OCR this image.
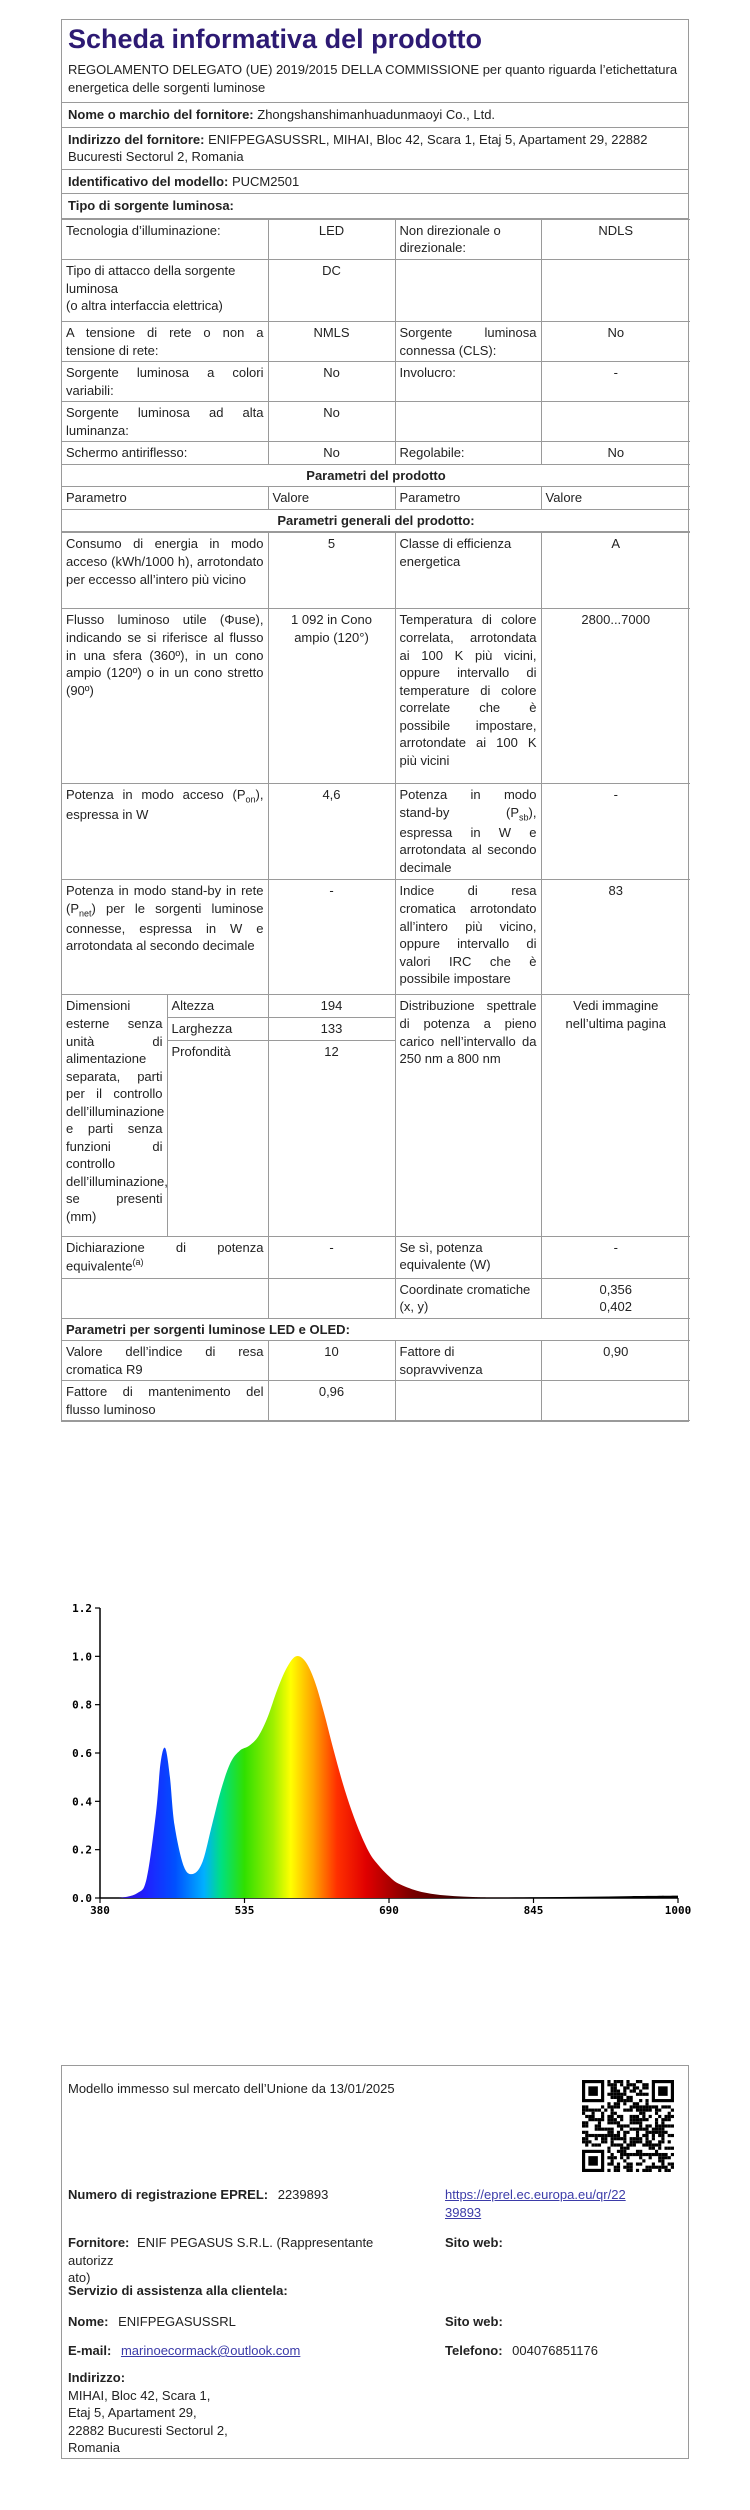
Scheda informativa del prodotto
REGOLAMENTO DELEGATO (UE) 2019/2015 DELLA COMMISSIONE per quanto riguarda l’etichettatura energetica delle sorgenti luminose
Nome o marchio del fornitore: Zhongshanshimanhuadunmaoyi Co., Ltd.
Indirizzo del fornitore: ENIFPEGASUSSRL, MIHAI, Bloc 42, Scara 1, Etaj 5, Apartament 29, 22882 Bucuresti Sectorul 2, Romania
Identificativo del modello: PUCM2501
Tipo di sorgente luminosa:
Tecnologia d’illuminazione:	LED	Non direzionale o direzionale:	NDLS
Tipo di attacco della sorgente luminosa
(o altra interfaccia elettrica)	DC		
A tensione di rete o non a tensione di rete:	NMLS	Sorgente luminosa connessa (CLS):	No
Sorgente luminosa a colori variabili:	No	Involucro:	-
Sorgente luminosa ad alta luminanza:	No		
Schermo antiriflesso:	No	Regolabile:	No
Parametri del prodotto			
Parametro	Valore	Parametro	Valore
Parametri generali del prodotto:			
Consumo di energia in modo acceso (kWh/1000 h), arrotondato per eccesso all’intero più vicino		5	Classe di efficienza energetica	A
Flusso luminoso utile (Φuse), indicando se si riferisce al flusso in una sfera (360º), in un cono ampio (120º) o in un cono stretto (90º)		1 092 in Cono ampio (120°)	Temperatura di colore correlata, arrotondata ai 100 K più vicini, oppure intervallo di temperature di colore correlate che è possibile impostare, arrotondate ai 100 K più vicini	2800...7000
Potenza in modo acceso $(P_{on})$, espressa in W		4,6	Potenza in modo stand-by $(P_{sb})$, espressa in W e arrotondata al secondo decimale	-
Potenza in modo stand-by in rete $(P_{net})$ per le sorgenti luminose connesse, espressa in W e arrotondata al secondo decimale		-	Indice di resa cromatica arrotondato all’intero più vicino, oppure intervallo di valori IRC che è possibile impostare	83
Dimensioni esterne senza unità di alimentazione separata, parti per il controllo dell’illuminazione e parti senza funzioni di controllo dell’illuminazione, se presenti (mm)	Altezza	194	Distribuzione spettrale di potenza a pieno carico nell’intervallo da 250 nm a 800 nm	Vedi immagine nell’ultima pagina
	Larghezza	133		
	Profondità	12		
Dichiarazione di potenza equivalente$^{(a)}$		-	Se sì, potenza equivalente (W)	-
			Coordinate cromatiche (x, y)	0,356
0,402
Parametri per sorgenti luminose LED e OLED:				
Valore dell’indice di resa cromatica R9		10	Fattore di sopravvivenza	0,90
Fattore di mantenimento del flusso luminoso		0,96		
0.0
0.2
0.4
0.6
0.8
1.0
1.2
380	535	690	845	1000
Modello immesso sul mercato dell’Unione da 13/01/2025
Numero di registrazione EPREL: 2239893	https://eprel.ec.europa.eu/qr/22
39893
Fornitore: ENIF PEGASUS S.R.L. (Rappresentante autorizz
ato)
Sito web:
Servizio di assistenza alla clientela:
Nome: ENIFPEGASUSSRL	Sito web:
E-mail: marinoecormack@outlook.com	Telefono: 004076851176
Indirizzo:
MIHAI, Bloc 42, Scara 1,
Etaj 5, Apartament 29,
22882 Bucuresti Sectorul 2,
Romania
